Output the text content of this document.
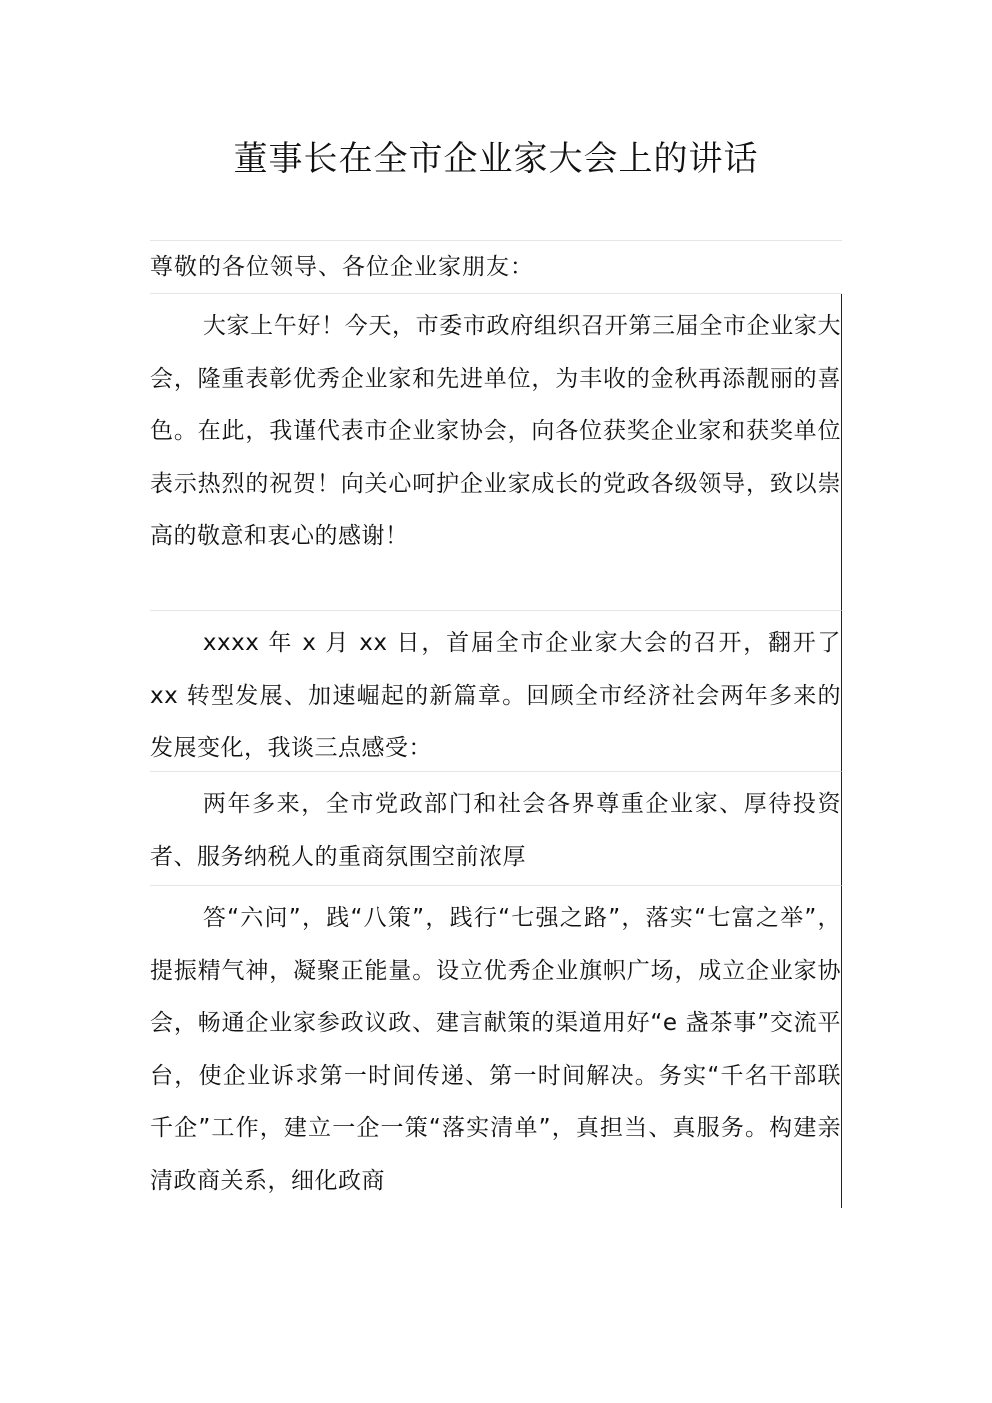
董事长在全市企业家大会上的讲话
尊敬的各位领导、各位企业家朋友：

大家上午好！今天，市委市政府组织召开第三届全市企业家大会，隆重表彰优秀企业家和先进单位，为丰收的金秋再添靓丽的喜色。在此，我谨代表市企业家协会，向各位获奖企业家和获奖单位表示热烈的祝贺！向关心呵护企业家成长的党政各级领导，致以崇高的敬意和衷心的感谢！

xxxx 年 x 月 xx 日，首届全市企业家大会的召开，翻开了 xx 转型发展、加速崛起的新篇章。回顾全市经济社会两年多来的发展变化，我谈三点感受：

两年多来，全市党政部门和社会各界尊重企业家、厚待投资者、服务纳税人的重商氛围空前浓厚

答“六问”，践“八策”，践行“七强之路”，落实“七富之举”，提振精气神，凝聚正能量。设立优秀企业旗帜广场，成立企业家协会，畅通企业家参政议政、建言献策的渠道用好“e 盏茶事”交流平台，使企业诉求第一时间传递、第一时间解决。务实“千名干部联千企”工作，建立一企一策“落实清单”，真担当、真服务。构建亲清政商关系，细化政商
